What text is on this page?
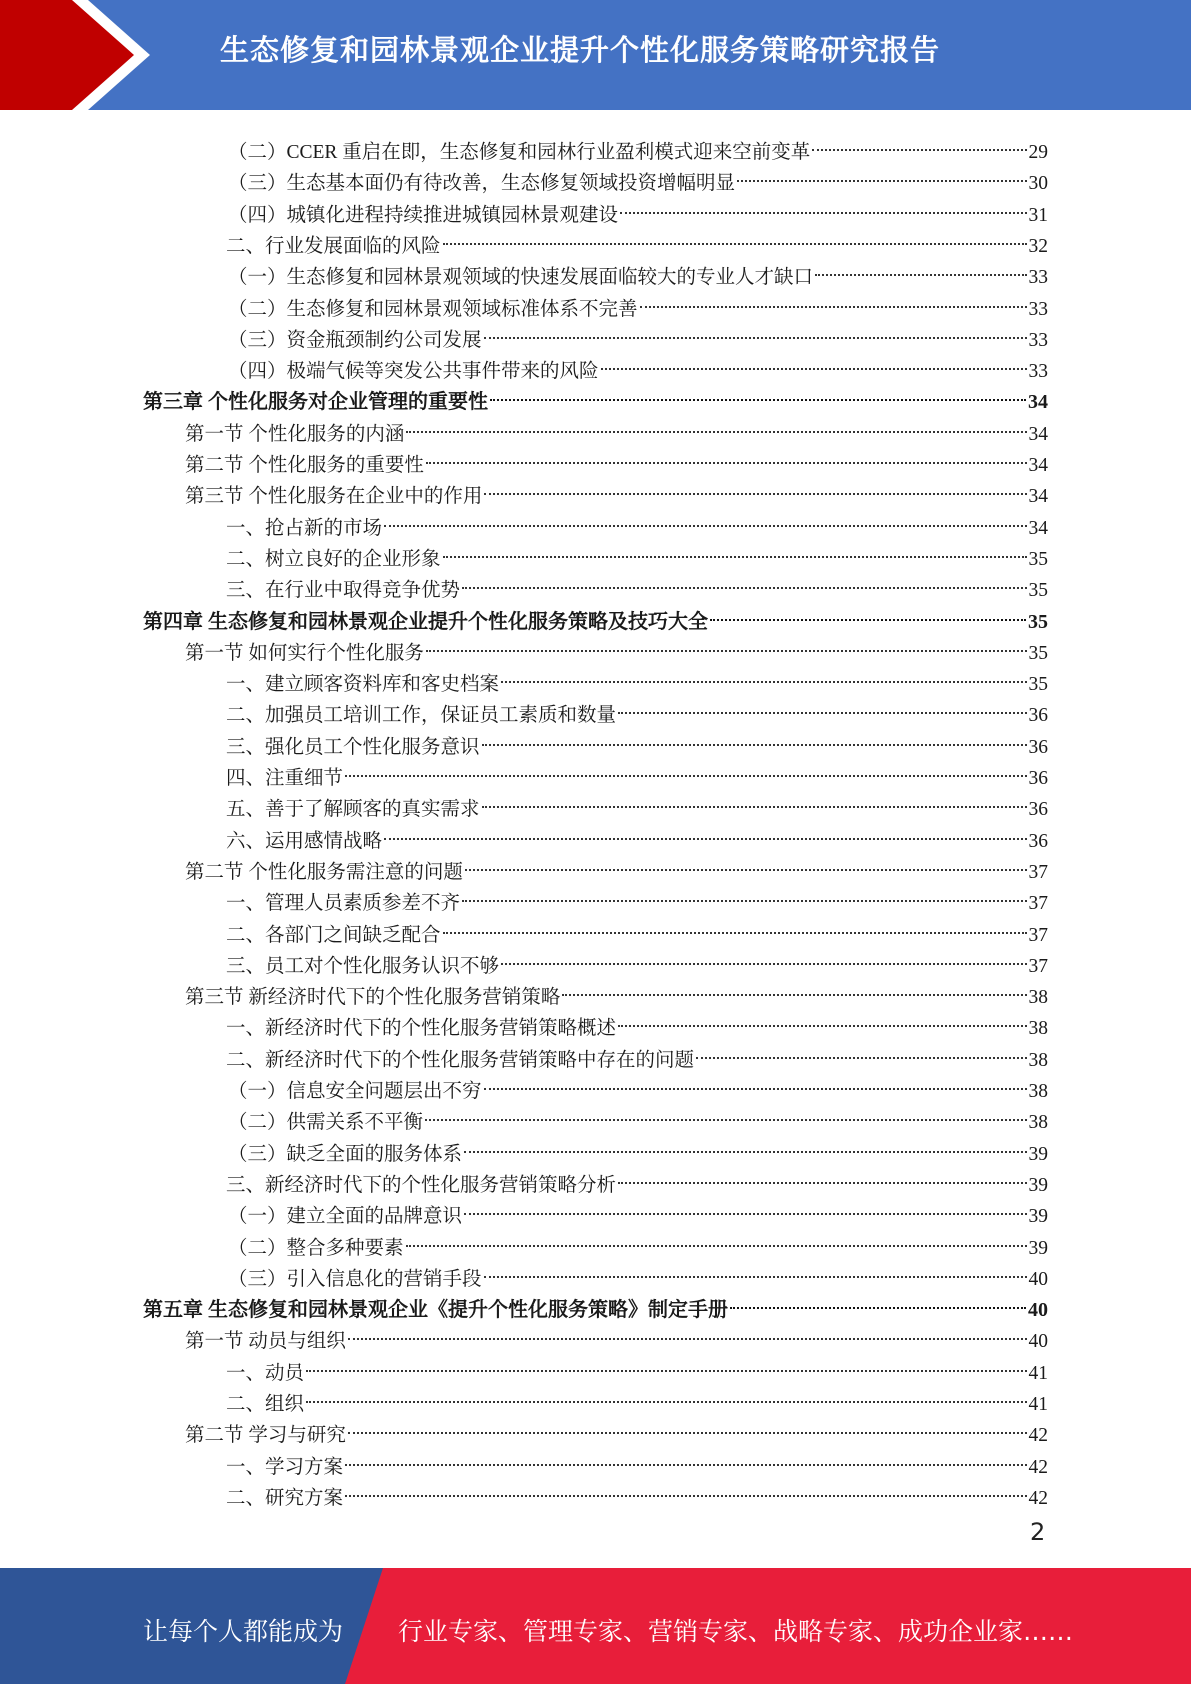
生态修复和园林景观企业提升个性化服务策略研究报告
（二）CCER 重启在即，生态修复和园林行业盈利模式迎来空前变革	29
（三）生态基本面仍有待改善，生态修复领域投资增幅明显	30
（四）城镇化进程持续推进城镇园林景观建设	31
二、行业发展面临的风险	32
（一）生态修复和园林景观领域的快速发展面临较大的专业人才缺口	33
（二）生态修复和园林景观领域标准体系不完善	33
（三）资金瓶颈制约公司发展	33
（四）极端气候等突发公共事件带来的风险	33
第三章 个性化服务对企业管理的重要性	34
第一节 个性化服务的内涵	34
第二节 个性化服务的重要性	34
第三节 个性化服务在企业中的作用	34
一、抢占新的市场	34
二、树立良好的企业形象	35
三、在行业中取得竞争优势	35
第四章 生态修复和园林景观企业提升个性化服务策略及技巧大全	35
第一节 如何实行个性化服务	35
一、建立顾客资料库和客史档案	35
二、加强员工培训工作，保证员工素质和数量	36
三、强化员工个性化服务意识	36
四、注重细节	36
五、善于了解顾客的真实需求	36
六、运用感情战略	36
第二节 个性化服务需注意的问题	37
一、管理人员素质参差不齐	37
二、各部门之间缺乏配合	37
三、员工对个性化服务认识不够	37
第三节 新经济时代下的个性化服务营销策略	38
一、新经济时代下的个性化服务营销策略概述	38
二、新经济时代下的个性化服务营销策略中存在的问题	38
（一）信息安全问题层出不穷	38
（二）供需关系不平衡	38
（三）缺乏全面的服务体系	39
三、新经济时代下的个性化服务营销策略分析	39
（一）建立全面的品牌意识	39
（二）整合多种要素	39
（三）引入信息化的营销手段	40
第五章 生态修复和园林景观企业《提升个性化服务策略》制定手册	40
第一节 动员与组织	40
一、动员	41
二、组织	41
第二节 学习与研究	42
一、学习方案	42
二、研究方案	42
2
让每个人都能成为 行业专家、管理专家、营销专家、战略专家、成功企业家……
